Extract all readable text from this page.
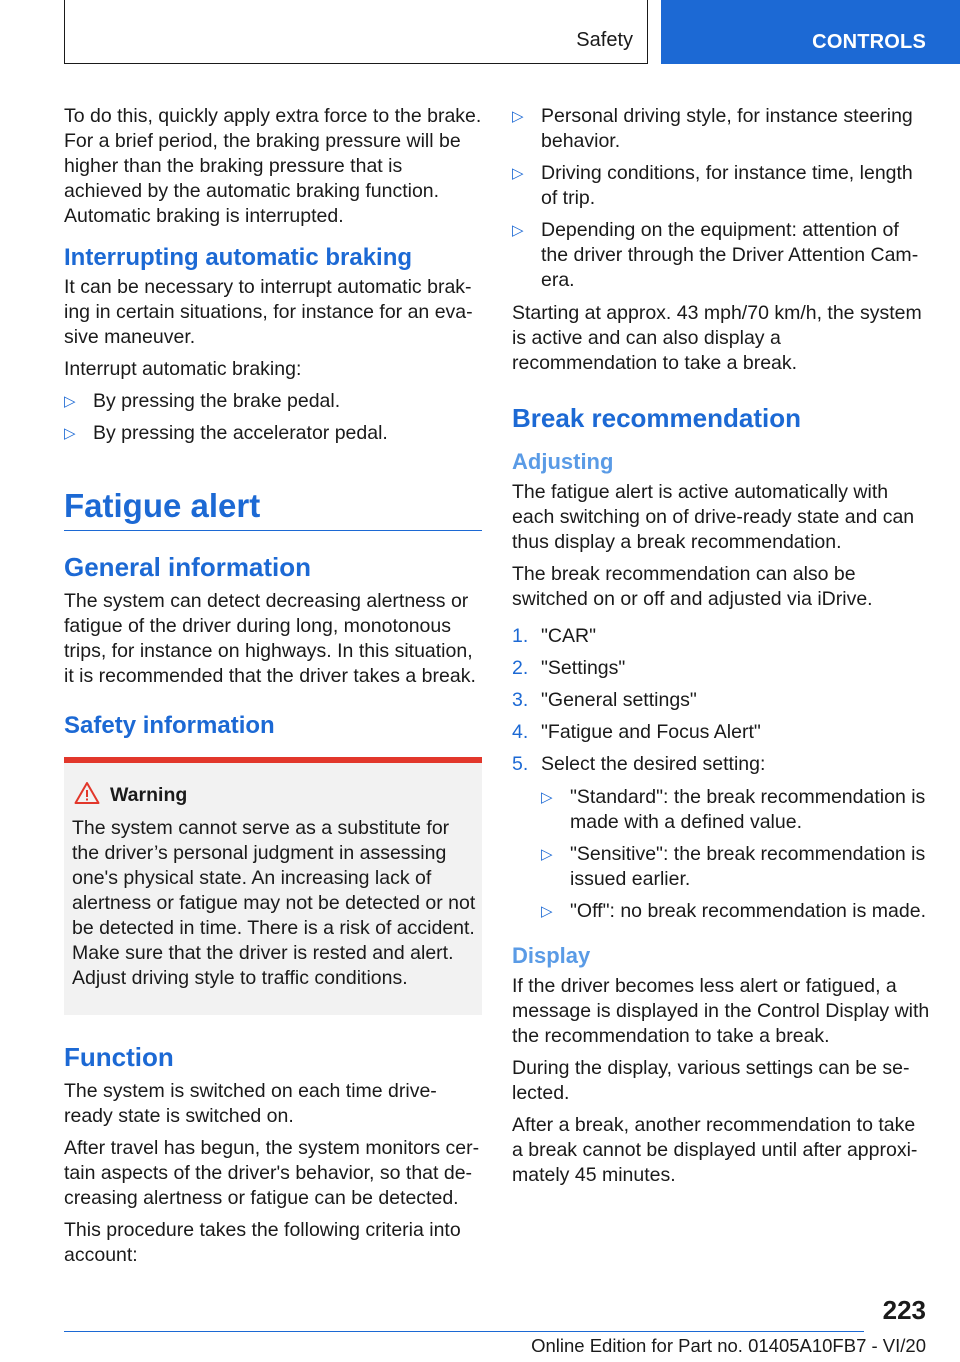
Safety	CONTROLS

To do this, quickly apply extra force to the brake. For a brief period, the braking pressure will be higher than the braking pressure that is achieved by the automatic braking function. Automatic braking is interrupted.

Interrupting automatic braking

It can be necessary to interrupt automatic braking in certain situations, for instance for an evasive maneuver.

Interrupt automatic braking:

▷ By pressing the brake pedal.
▷ By pressing the accelerator pedal.
Fatigue alert
General information

The system can detect decreasing alertness or fatigue of the driver during long, monotonous trips, for instance on highways. In this situation, it is recommended that the driver takes a break.

Safety information
Warning

The system cannot serve as a substitute for the driver’s personal judgment in assessing one's physical state. An increasing lack of alertness or fatigue may not be detected or not be detected in time. There is a risk of accident. Make sure that the driver is rested and alert. Adjust driving style to traffic conditions.

Function

The system is switched on each time drive-ready state is switched on.

After travel has begun, the system monitors certain aspects of the driver's behavior, so that decreasing alertness or fatigue can be detected.

This procedure takes the following criteria into account:

▷ Personal driving style, for instance steering behavior.
▷ Driving conditions, for instance time, length of trip.
▷ Depending on the equipment: attention of the driver through the Driver Attention Camera.

Starting at approx. 43 mph/70 km/h, the system is active and can also display a recommendation to take a break.

Break recommendation
Adjusting

The fatigue alert is active automatically with each switching on of drive-ready state and can thus display a break recommendation.

The break recommendation can also be switched on or off and adjusted via iDrive.

1. "CAR"
2. "Settings"
3. "General settings"
4. "Fatigue and Focus Alert"
5. Select the desired setting:
▷ "Standard": the break recommendation is made with a defined value.
▷ "Sensitive": the break recommendation is issued earlier.
▷ "Off": no break recommendation is made.
Display

If the driver becomes less alert or fatigued, a message is displayed in the Control Display with the recommendation to take a break.

During the display, various settings can be selected.

After a break, another recommendation to take a break cannot be displayed until after approximately 45 minutes.

223
Online Edition for Part no. 01405A10FB7 - VI/20
